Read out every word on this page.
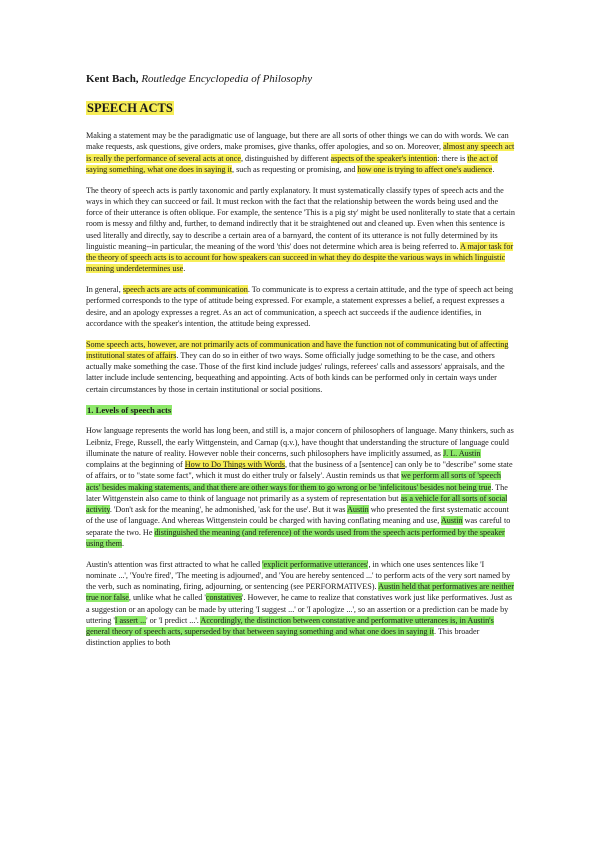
Kent Bach, Routledge Encyclopedia of Philosophy
SPEECH ACTS

Making a statement may be the paradigmatic use of language, but there are all sorts of other things we can do with words. We can make requests, ask questions, give orders, make promises, give thanks, offer apologies, and so on. Moreover, almost any speech act is really the performance of several acts at once, distinguished by different aspects of the speaker's intention: there is the act of saying something, what one does in saying it, such as requesting or promising, and how one is trying to affect one's audience.

The theory of speech acts is partly taxonomic and partly explanatory. It must systematically classify types of speech acts and the ways in which they can succeed or fail. It must reckon with the fact that the relationship between the words being used and the force of their utterance is often oblique. For example, the sentence 'This is a pig sty' might be used nonliterally to state that a certain room is messy and filthy and, further, to demand indirectly that it be straightened out and cleaned up. Even when this sentence is used literally and directly, say to describe a certain area of a barnyard, the content of its utterance is not fully determined by its linguistic meaning--in particular, the meaning of the word 'this' does not determine which area is being referred to. A major task for the theory of speech acts is to account for how speakers can succeed in what they do despite the various ways in which linguistic meaning underdetermines use.

In general, speech acts are acts of communication. To communicate is to express a certain attitude, and the type of speech act being performed corresponds to the type of attitude being expressed. For example, a statement expresses a belief, a request expresses a desire, and an apology expresses a regret. As an act of communication, a speech act succeeds if the audience identifies, in accordance with the speaker's intention, the attitude being expressed.

Some speech acts, however, are not primarily acts of communication and have the function not of communicating but of affecting institutional states of affairs. They can do so in either of two ways. Some officially judge something to be the case, and others actually make something the case. Those of the first kind include judges' rulings, referees' calls and assessors' appraisals, and the latter include include sentencing, bequeathing and appointing. Acts of both kinds can be performed only in certain ways under certain circumstances by those in certain institutional or social positions.

1. Levels of speech acts

How language represents the world has long been, and still is, a major concern of philosophers of language. Many thinkers, such as Leibniz, Frege, Russell, the early Wittgenstein, and Carnap (q.v.), have thought that understanding the structure of language could illuminate the nature of reality. However noble their concerns, such philosophers have implicitly assumed, as J. L. Austin complains at the beginning of How to Do Things with Words, that the business of a [sentence] can only be to "describe" some state of affairs, or to "state some fact", which it must do either truly or falsely'. Austin reminds us that we perform all sorts of 'speech acts' besides making statements, and that there are other ways for them to go wrong or be 'infelicitous' besides not being true. The later Wittgenstein also came to think of language not primarily as a system of representation but as a vehicle for all sorts of social activity. 'Don't ask for the meaning', he admonished, 'ask for the use'. But it was Austin who presented the first systematic account of the use of language. And whereas Wittgenstein could be charged with having conflating meaning and use, Austin was careful to separate the two. He distinguished the meaning (and reference) of the words used from the speech acts performed by the speaker using them.

Austin's attention was first attracted to what he called 'explicit performative utterances', in which one uses sentences like 'I nominate ...', 'You're fired', 'The meeting is adjourned', and 'You are hereby sentenced ...' to perform acts of the very sort named by the verb, such as nominating, firing, adjourning, or sentencing (see PERFORMATIVES). Austin held that performatives are neither true nor false, unlike what he called 'constatives'. However, he came to realize that constatives work just like performatives. Just as a suggestion or an apology can be made by uttering 'I suggest ...' or 'I apologize ...', so an assertion or a prediction can be made by uttering 'I assert ...' or 'I predict ...'. Accordingly, the distinction between constative and performative utterances is, in Austin's general theory of speech acts, superseded by that between saying something and what one does in saying it. This broader distinction applies to both
